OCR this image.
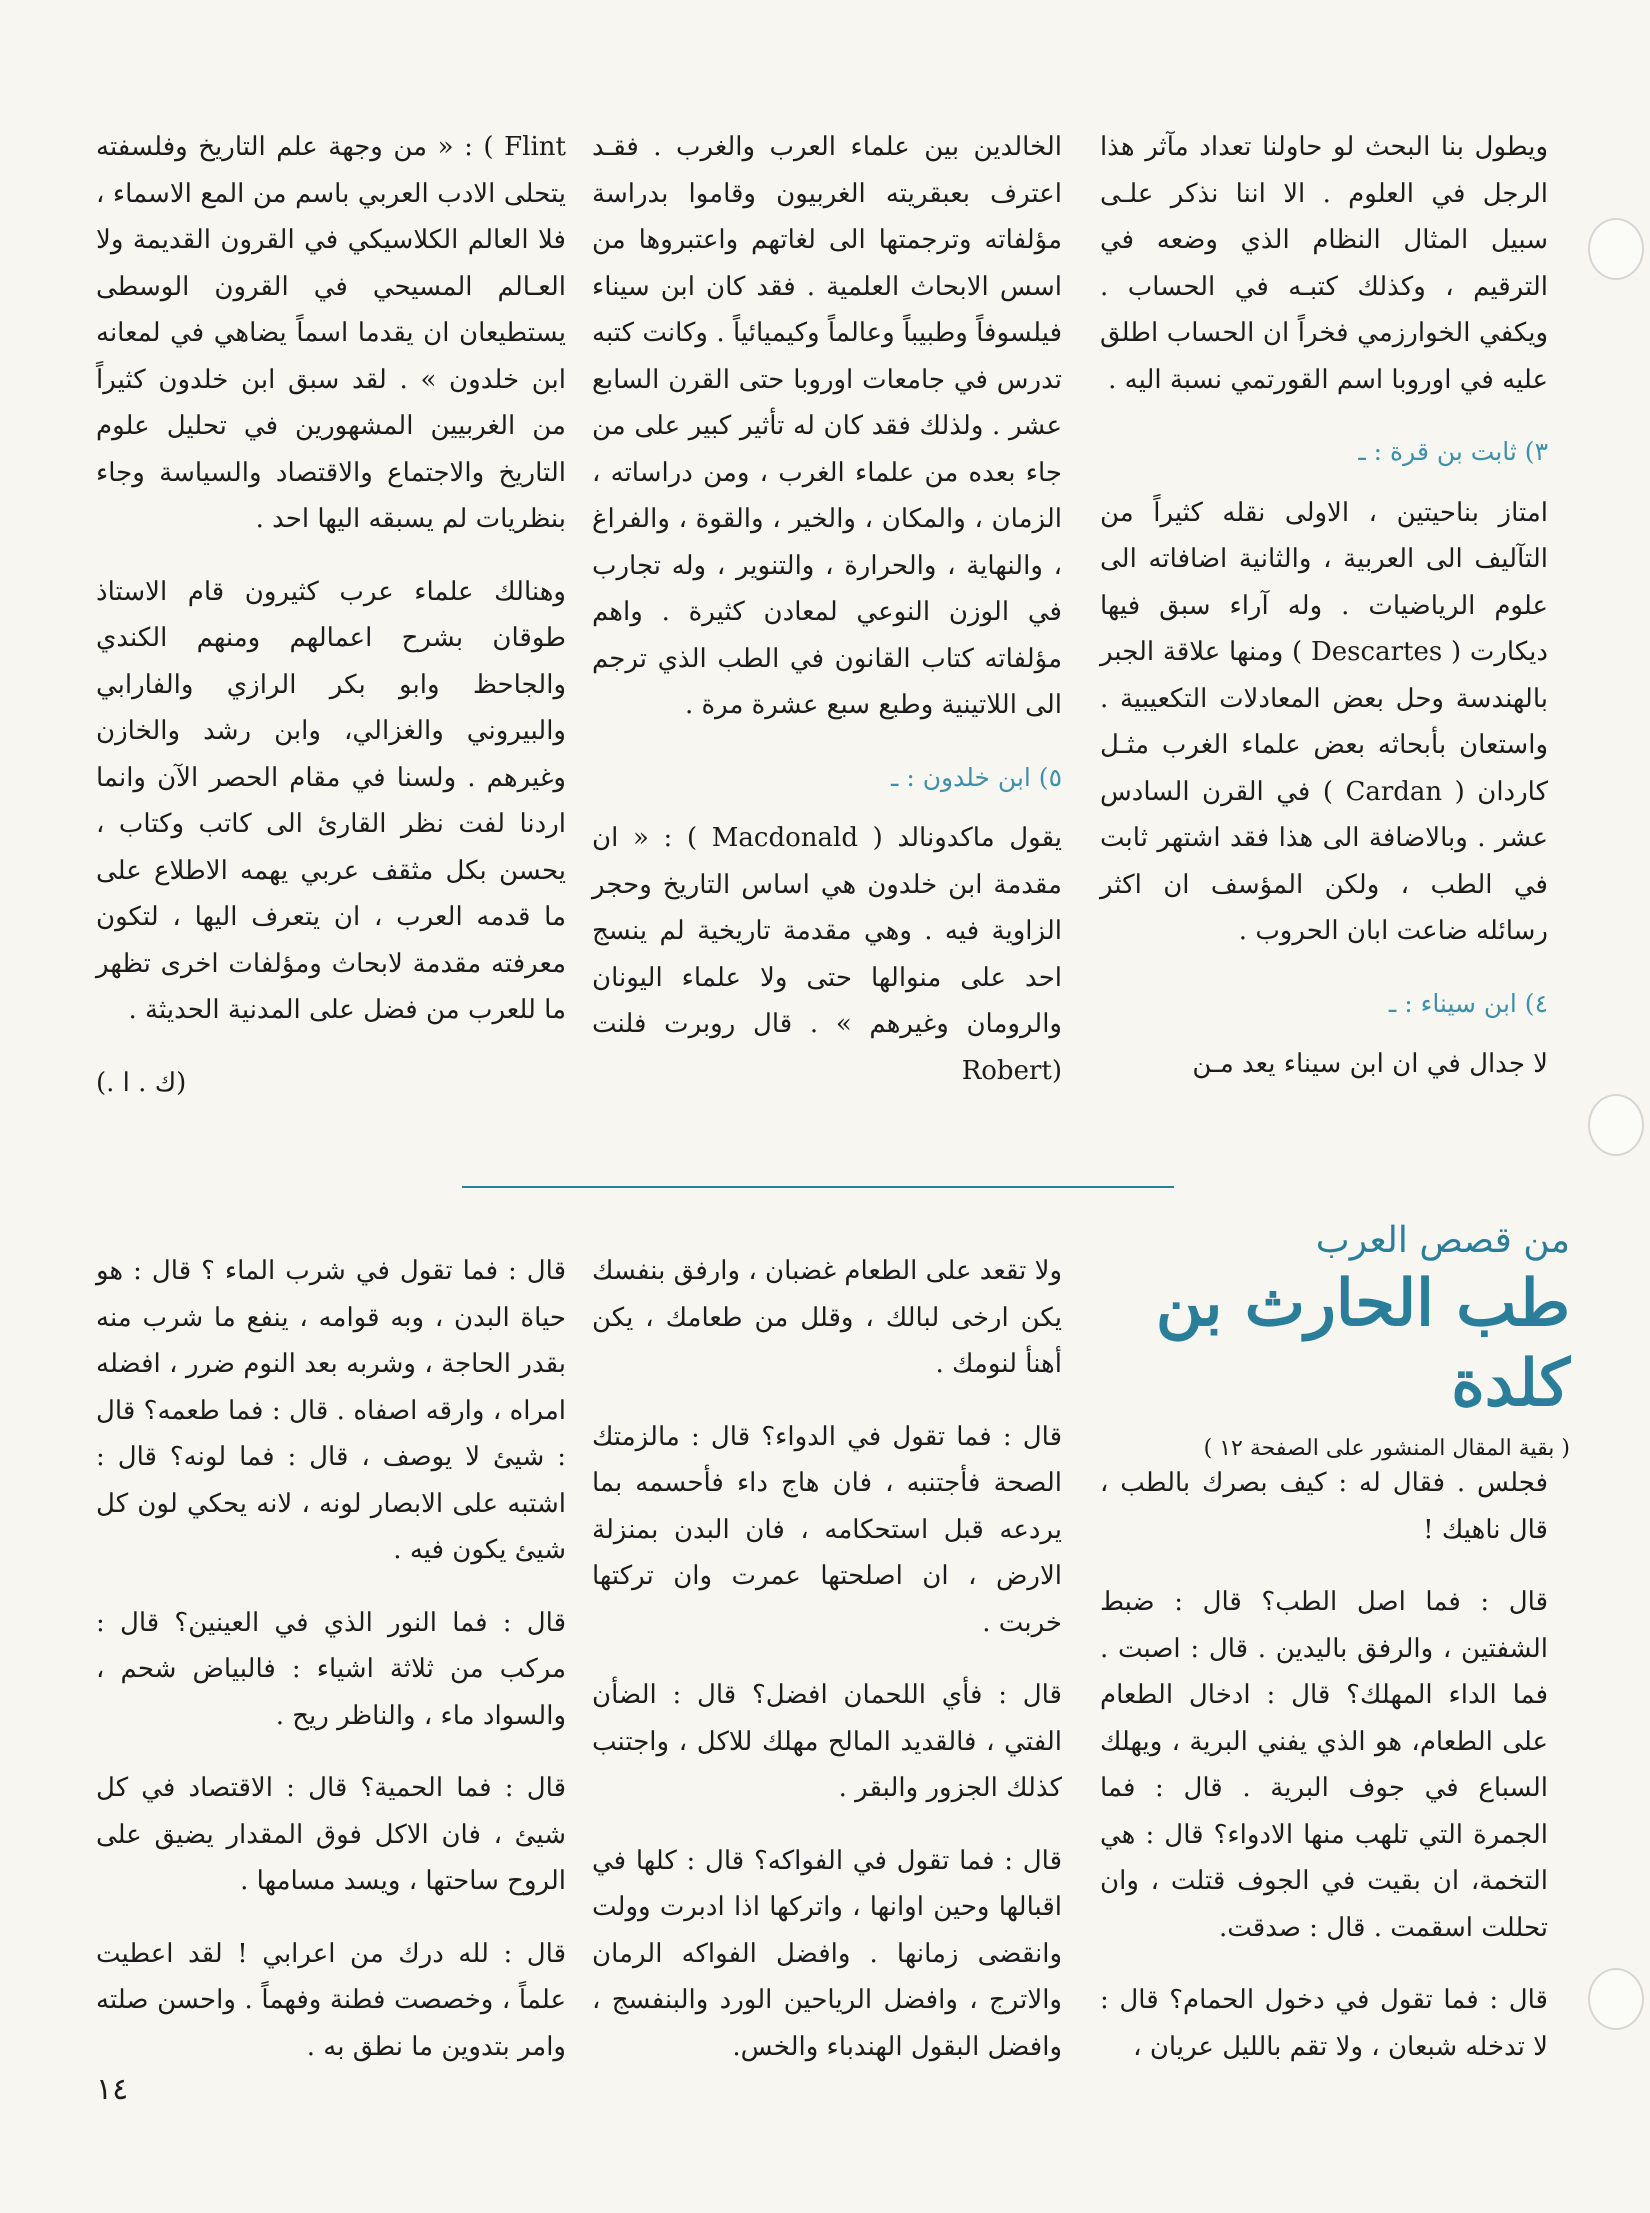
ويطول بنا البحث لو حاولنا تعداد مآثر هذا الرجل في العلوم . الا اننا نذكر علـى سبيل المثال النظام الذي وضعه في الترقيم ، وكذلك كتبـه في الحساب . ويكفي الخوارزمي فخراً ان الحساب اطلق عليه في اوروبا اسم القورتمي نسبة اليه .

٣) ثابت بن قرة : ـ

امتاز بناحيتين ، الاولى نقله كثيراً من التآليف الى العربية ، والثانية اضافاته الى علوم الرياضيات . وله آراء سبق فيها ديكارت ( Descartes ) ومنها علاقة الجبر بالهندسة وحل بعض المعادلات التكعيبية . واستعان بأبحاثه بعض علماء الغرب مثـل كاردان ( Cardan ) في القرن السادس عشر . وبالاضافة الى هذا فقد اشتهر ثابت في الطب ، ولكن المؤسف ان اكثر رسائله ضاعت ابان الحروب .

٤) ابن سيناء : ـ

لا جدال في ان ابن سيناء يعد مـن

الخالدين بين علماء العرب والغرب . فقـد اعترف بعبقريته الغربيون وقاموا بدراسة مؤلفاته وترجمتها الى لغاتهم واعتبروها من اسس الابحاث العلمية . فقد كان ابن سيناء فيلسوفاً وطبيباً وعالماً وكيميائياً . وكانت كتبه تدرس في جامعات اوروبا حتى القرن السابع عشر . ولذلك فقد كان له تأثير كبير على من جاء بعده من علماء الغرب ، ومن دراساته ، الزمان ، والمكان ، والخير ، والقوة ، والفراغ ، والنهاية ، والحرارة ، والتنوير ، وله تجارب في الوزن النوعي لمعادن كثيرة . واهم مؤلفاته كتاب القانون في الطب الذي ترجم الى اللاتينية وطبع سبع عشرة مرة .

٥) ابن خلدون : ـ

يقول ماكدونالد ( Macdonald ) : « ان مقدمة ابن خلدون هي اساس التاريخ وحجر الزاوية فيه . وهي مقدمة تاريخية لم ينسج احد على منوالها حتى ولا علماء اليونان والرومان وغيرهم » . قال روبرت فلنت (Robert

Flint ) : « من وجهة علم التاريخ وفلسفته يتحلى الادب العربي باسم من المع الاسماء ، فلا العالم الكلاسيكي في القرون القديمة ولا العـالم المسيحي في القرون الوسطى يستطيعان ان يقدما اسماً يضاهي في لمعانه ابن خلدون » . لقد سبق ابن خلدون كثيراً من الغربيين المشهورين في تحليل علوم التاريخ والاجتماع والاقتصاد والسياسة وجاء بنظريات لم يسبقه اليها احد .

وهنالك علماء عرب كثيرون قام الاستاذ طوقان بشرح اعمالهم ومنهم الكندي والجاحظ وابو بكر الرازي والفارابي والبيروني والغزالي، وابن رشد والخازن وغيرهم . ولسنا في مقام الحصر الآن وانما اردنا لفت نظر القارئ الى كاتب وكتاب ، يحسن بكل مثقف عربي يهمه الاطلاع على ما قدمه العرب ، ان يتعرف اليها ، لتكون معرفته مقدمة لابحاث ومؤلفات اخرى تظهر ما للعرب من فضل على المدنية الحديثة .

(ك . ا .)
من قصص العرب
طب الحارث بن كلدة
( بقية المقال المنشور على الصفحة ١٢ )

فجلس . فقال له : كيف بصرك بالطب ، قال ناهيك !

قال : فما اصل الطب؟ قال : ضبط الشفتين ، والرفق باليدين . قال : اصبت . فما الداء المهلك؟ قال : ادخال الطعام على الطعام، هو الذي يفني البرية ، ويهلك السباع في جوف البرية . قال : فما الجمرة التي تلهب منها الادواء؟ قال : هي التخمة، ان بقيت في الجوف قتلت ، وان تحللت اسقمت . قال : صدقت.

قال : فما تقول في دخول الحمام؟ قال : لا تدخله شبعان ، ولا تقم بالليل عريان ،

ولا تقعد على الطعام غضبان ، وارفق بنفسك يكن ارخى لبالك ، وقلل من طعامك ، يكن أهنأ لنومك .

قال : فما تقول في الدواء؟ قال : مالزمتك الصحة فأجتنبه ، فان هاج داء فأحسمه بما يردعه قبل استحكامه ، فان البدن بمنزلة الارض ، ان اصلحتها عمرت وان تركتها خربت .

قال : فأي اللحمان افضل؟ قال : الضأن الفتي ، فالقديد المالح مهلك للاكل ، واجتنب كذلك الجزور والبقر .

قال : فما تقول في الفواكه؟ قال : كلها في اقبالها وحين اوانها ، واتركها اذا ادبرت وولت وانقضى زمانها . وافضل الفواكه الرمان والاترج ، وافضل الرياحين الورد والبنفسج ، وافضل البقول الهندباء والخس.

قال : فما تقول في شرب الماء ؟ قال : هو حياة البدن ، وبه قوامه ، ينفع ما شرب منه بقدر الحاجة ، وشربه بعد النوم ضرر ، افضله امراه ، وارقه اصفاه . قال : فما طعمه؟ قال : شيئ لا يوصف ، قال : فما لونه؟ قال : اشتبه على الابصار لونه ، لانه يحكي لون كل شيئ يكون فيه .

قال : فما النور الذي في العينين؟ قال : مركب من ثلاثة اشياء : فالبياض شحم ، والسواد ماء ، والناظر ريح .

قال : فما الحمية؟ قال : الاقتصاد في كل شيئ ، فان الاكل فوق المقدار يضيق على الروح ساحتها ، ويسد مسامها .

قال : لله درك من اعرابي ! لقد اعطيت علماً ، وخصصت فطنة وفهماً . واحسن صلته وامر بتدوين ما نطق به .

١٤
